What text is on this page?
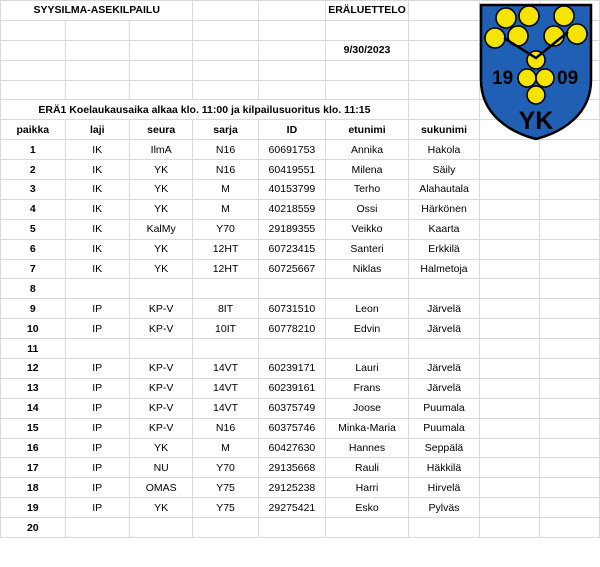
SYYSILMA-ASEKILPAILU					ERÄLUETTELO			

					9/30/2023			

ERÄ1 Koelaukausaika alkaa klo. 11:00 ja kilpailusuoritus klo. 11:15								
paikka	laji	seura	sarja	ID	etunimi	sukunimi		
1	IK	IlmA	N16	60691753	Annika	Hakola		
2	IK	YK	N16	60419551	Milena	Säily		
3	IK	YK	M	40153799	Terho	Alahautala		
4	IK	YK	M	40218559	Ossi	Härkönen		
5	IK	KalMy	Y70	29189355	Veikko	Kaarta		
6	IK	YK	12HT	60723415	Santeri	Erkkilä		
7	IK	YK	12HT	60725667	Niklas	Halmetoja		
8								
9	IP	KP-V	8IT	60731510	Leon	Järvelä		
10	IP	KP-V	10IT	60778210	Edvin	Järvelä		
11								
12	IP	KP-V	14VT	60239171	Lauri	Järvelä		
13	IP	KP-V	14VT	60239161	Frans	Järvelä		
14	IP	KP-V	14VT	60375749	Joose	Puumala		
15	IP	KP-V	N16	60375746	Minka-Maria	Puumala		
16	IP	YK	M	60427630	Hannes	Seppälä		
17	IP	NU	Y70	29135668	Rauli	Häkkilä		
18	IP	OMAS	Y75	29125238	Harri	Hirvelä		
19	IP	YK	Y75	29275421	Esko	Pylväs		
20								
19 09
YK
